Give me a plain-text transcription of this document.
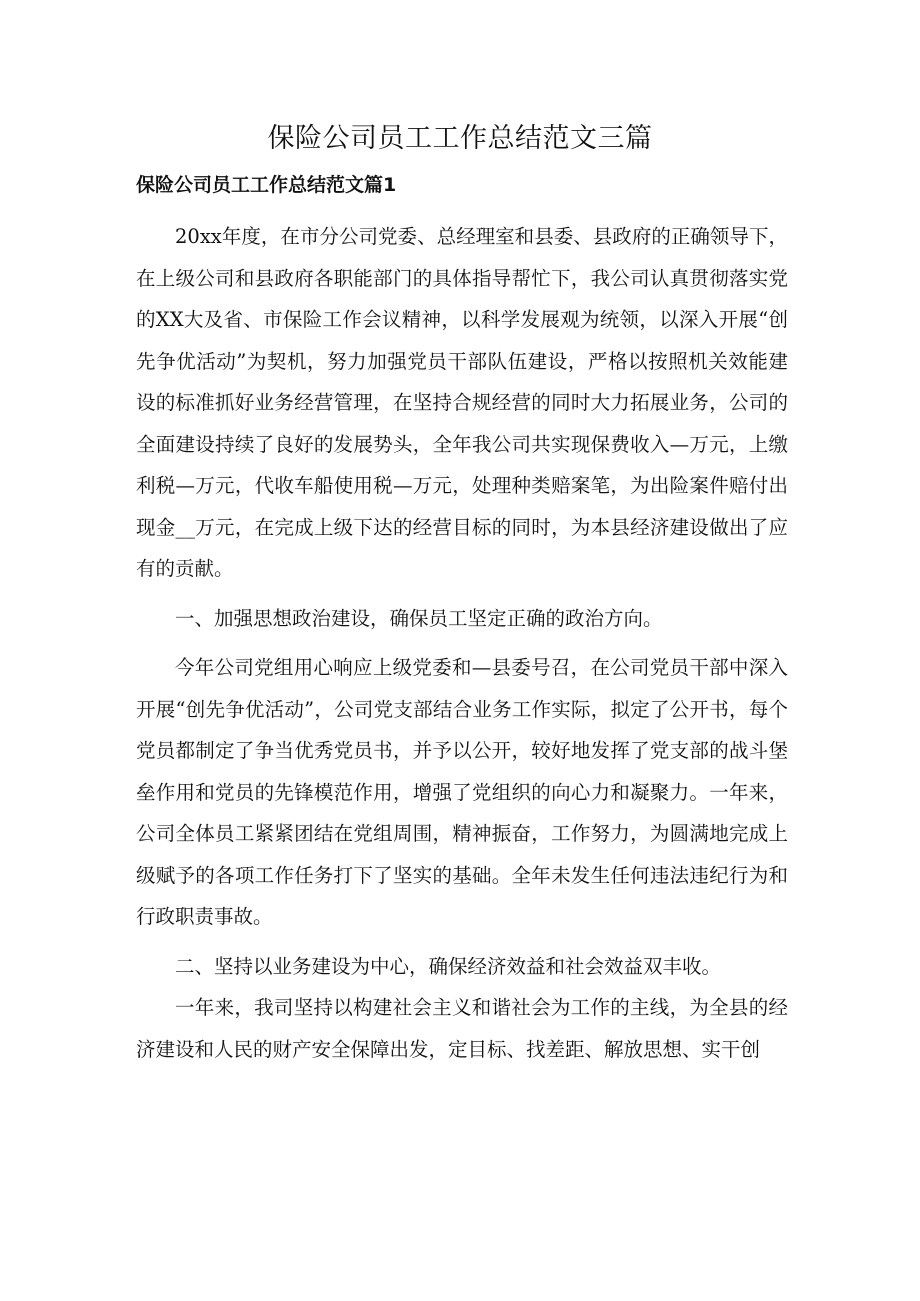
保险公司员工工作总结范文三篇
保险公司员工工作总结范文篇1

20xx年度，在市分公司党委、总经理室和县委、县政府的正确领导下，在上级公司和县政府各职能部门的具体指导帮忙下，我公司认真贯彻落实党的XX大及省、市保险工作会议精神，以科学发展观为统领，以深入开展“创先争优活动”为契机，努力加强党员干部队伍建设，严格以按照机关效能建设的标准抓好业务经营管理，在坚持合规经营的同时大力拓展业务，公司的全面建设持续了良好的发展势头，全年我公司共实现保费收入—万元，上缴利税—万元，代收车船使用税—万元，处理种类赔案笔，为出险案件赔付出现金__万元，在完成上级下达的经营目标的同时，为本县经济建设做出了应有的贡献。

一、加强思想政治建设，确保员工坚定正确的政治方向。

今年公司党组用心响应上级党委和—县委号召，在公司党员干部中深入开展“创先争优活动”，公司党支部结合业务工作实际，拟定了公开书，每个党员都制定了争当优秀党员书，并予以公开，较好地发挥了党支部的战斗堡垒作用和党员的先锋模范作用，增强了党组织的向心力和凝聚力。一年来，公司全体员工紧紧团结在党组周围，精神振奋，工作努力，为圆满地完成上级赋予的各项工作任务打下了坚实的基础。全年未发生任何违法违纪行为和行政职责事故。

二、坚持以业务建设为中心，确保经济效益和社会效益双丰收。

一年来，我司坚持以构建社会主义和谐社会为工作的主线，为全县的经济建设和人民的财产安全保障出发，定目标、找差距、解放思想、实干创
